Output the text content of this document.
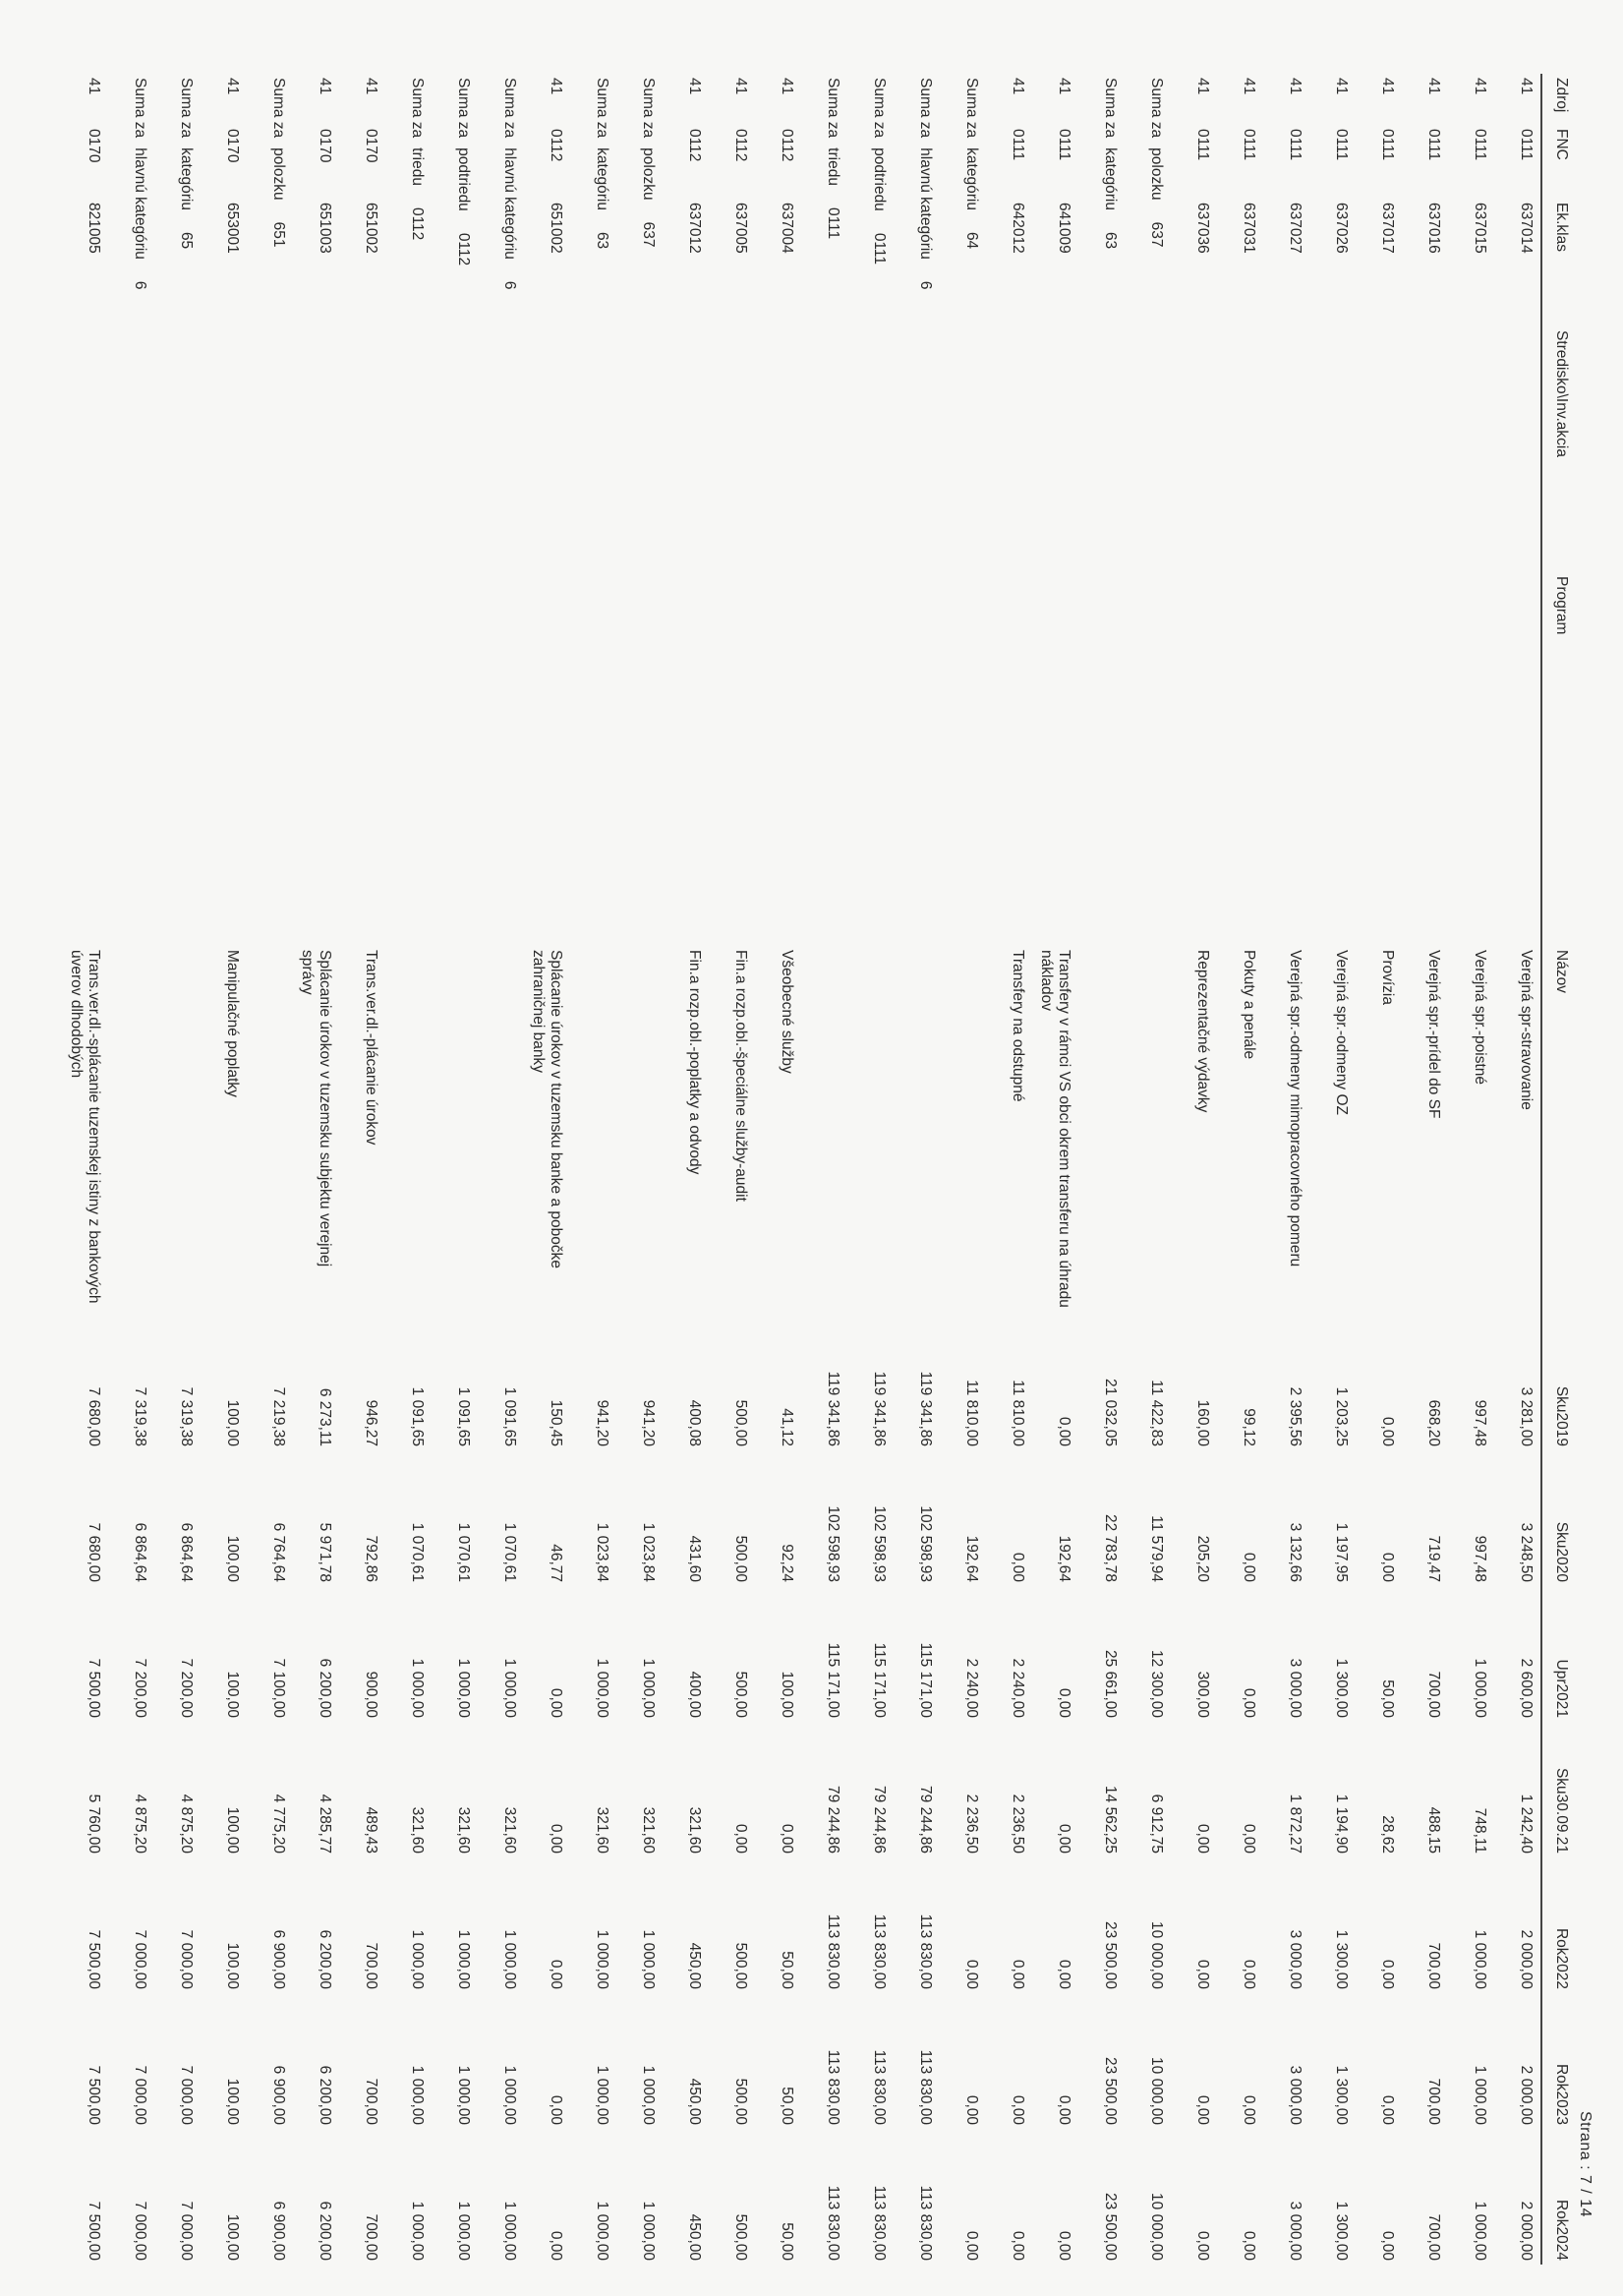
Strana : 7 / 14
Zdroj	FNC	Ek.klas	Stredisko\Inv.akcia	Program	Názov	Sku2019	Sku2020	Upr2021	Sku30.09.21	Rok2022	Rok2023	Rok2024
41	0111	637014			Verejná spr-stravovanie	3 281,00	3 248,50	2 600,00	1 242,40	2 000,00	2 000,00	2 000,00
41	0111	637015			Verejná spr.-poistné	997,48	997,48	1 000,00	748,11	1 000,00	1 000,00	1 000,00
41	0111	637016			Verejná spr.-prídel do SF	668,20	719,47	700,00	488,15	700,00	700,00	700,00
41	0111	637017			Provízia	0,00	0,00	50,00	28,62	0,00	0,00	0,00
41	0111	637026			Verejná spr.-odmeny OZ	1 203,25	1 197,95	1 300,00	1 194,90	1 300,00	1 300,00	1 300,00
41	0111	637027			Verejná spr.-odmeny mimopracovného pomeru	2 395,56	3 132,66	3 000,00	1 872,27	3 000,00	3 000,00	3 000,00
41	0111	637031			Pokuty a penále	99,12	0,00	0,00	0,00	0,00	0,00	0,00
41	0111	637036			Reprezentačné výdavky	160,00	205,20	300,00	0,00	0,00	0,00	0,00
Suma zapolozku637						11 422,83	11 579,94	12 300,00	6 912,75	10 000,00	10 000,00	10 000,00
Suma zakategóriu63						21 032,05	22 783,78	25 661,00	14 562,25	23 500,00	23 500,00	23 500,00
41	0111	641009			Transfery v rámci VS obci okrem transferu na úhradu nákladov	0,00	192,64	0,00	0,00	0,00	0,00	0,00
41	0111	642012			Transfery na odstupné	11 810,00	0,00	2 240,00	2 236,50	0,00	0,00	0,00
Suma zakategóriu64						11 810,00	192,64	2 240,00	2 236,50	0,00	0,00	0,00
Suma zahlavnú kategóriu6						119 341,86	102 598,93	115 171,00	79 244,86	113 830,00	113 830,00	113 830,00
Suma zapodtriedu0111						119 341,86	102 598,93	115 171,00	79 244,86	113 830,00	113 830,00	113 830,00
Suma zatriedu0111						119 341,86	102 598,93	115 171,00	79 244,86	113 830,00	113 830,00	113 830,00
41	0112	637004			Všeobecné služby	41,12	92,24	100,00	0,00	50,00	50,00	50,00
41	0112	637005			Fin.a rozp.obl.-špeciálne služby-audit	500,00	500,00	500,00	0,00	500,00	500,00	500,00
41	0112	637012			Fin.a rozp.obl.-poplatky a odvody	400,08	431,60	400,00	321,60	450,00	450,00	450,00
Suma zapolozku637						941,20	1 023,84	1 000,00	321,60	1 000,00	1 000,00	1 000,00
Suma zakategóriu63						941,20	1 023,84	1 000,00	321,60	1 000,00	1 000,00	1 000,00
41	0112	651002			Splácanie úrokov v tuzemsku banke a pobočke zahraničnej banky	150,45	46,77	0,00	0,00	0,00	0,00	0,00
Suma zahlavnú kategóriu6						1 091,65	1 070,61	1 000,00	321,60	1 000,00	1 000,00	1 000,00
Suma zapodtriedu0112						1 091,65	1 070,61	1 000,00	321,60	1 000,00	1 000,00	1 000,00
Suma zatriedu0112						1 091,65	1 070,61	1 000,00	321,60	1 000,00	1 000,00	1 000,00
41	0170	651002			Trans.ver.dl.-plácanie úrokov	946,27	792,86	900,00	489,43	700,00	700,00	700,00
41	0170	651003			Splácanie úrokov v tuzemsku subjektu verejnej správy	6 273,11	5 971,78	6 200,00	4 285,77	6 200,00	6 200,00	6 200,00
Suma zapolozku651						7 219,38	6 764,64	7 100,00	4 775,20	6 900,00	6 900,00	6 900,00
41	0170	653001			Manipulačné poplatky	100,00	100,00	100,00	100,00	100,00	100,00	100,00
Suma zakategóriu65						7 319,38	6 864,64	7 200,00	4 875,20	7 000,00	7 000,00	7 000,00
Suma zahlavnú kategóriu6						7 319,38	6 864,64	7 200,00	4 875,20	7 000,00	7 000,00	7 000,00
41	0170	821005			Trans.ver.dl.-splácanie tuzemskej istiny z bankových úverov dlhodobých	7 680,00	7 680,00	7 500,00	5 760,00	7 500,00	7 500,00	7 500,00
